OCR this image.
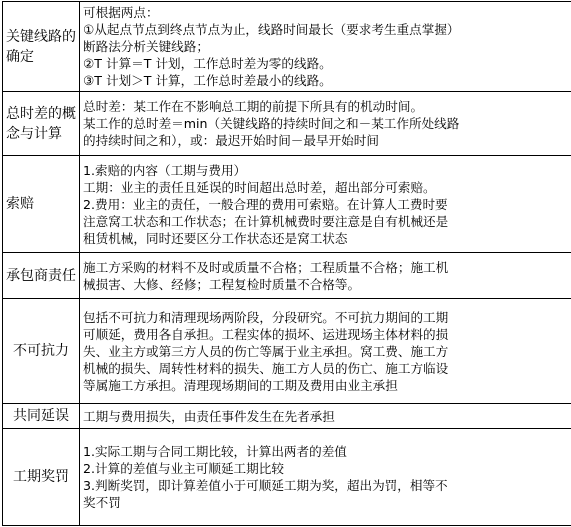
关键线路的确定	可根据两点：
①从起点节点到终点节点为止，线路时间最长（要求考生重点掌握）
断路法分析关键线路；
②T 计算＝T 计划，工作总时差为零的线路。
③T 计划＞T 计算，工作总时差最小的线路。

总时差的概念与计算	总时差：某工作在不影响总工期的前提下所具有的机动时间。
某工作的总时差＝min（关键线路的持续时间之和－某工作所处线路
的持续时间之和），或：最迟开始时间－最早开始时间

索赔	1.索赔的内容（工期与费用）
工期：业主的责任且延误的时间超出总时差，超出部分可索赔。
2.费用：业主的责任，一般合理的费用可索赔。在计算人工费时要
注意窝工状态和工作状态；在计算机械费时要注意是自有机械还是
租赁机械，同时还要区分工作状态还是窝工状态

承包商责任	施工方采购的材料不及时或质量不合格；工程质量不合格；施工机
械损害、大修、经修；工程复检时质量不合格等。

不可抗力	包括不可抗力和清理现场两阶段，分段研究。不可抗力期间的工期
可顺延，费用各自承担。工程实体的损坏、运进现场主体材料的损
失、业主方或第三方人员的伤亡等属于业主承担。窝工费、施工方
机械的损失、周转性材料的损失、施工方人员的伤亡、施工方临设
等属施工方承担。清理现场期间的工期及费用由业主承担

共同延误	工期与费用损失，由责任事件发生在先者承担

工期奖罚	1.实际工期与合同工期比较，计算出两者的差值
2.计算的差值与业主可顺延工期比较
3.判断奖罚，即计算差值小于可顺延工期为奖，超出为罚，相等不
奖不罚
